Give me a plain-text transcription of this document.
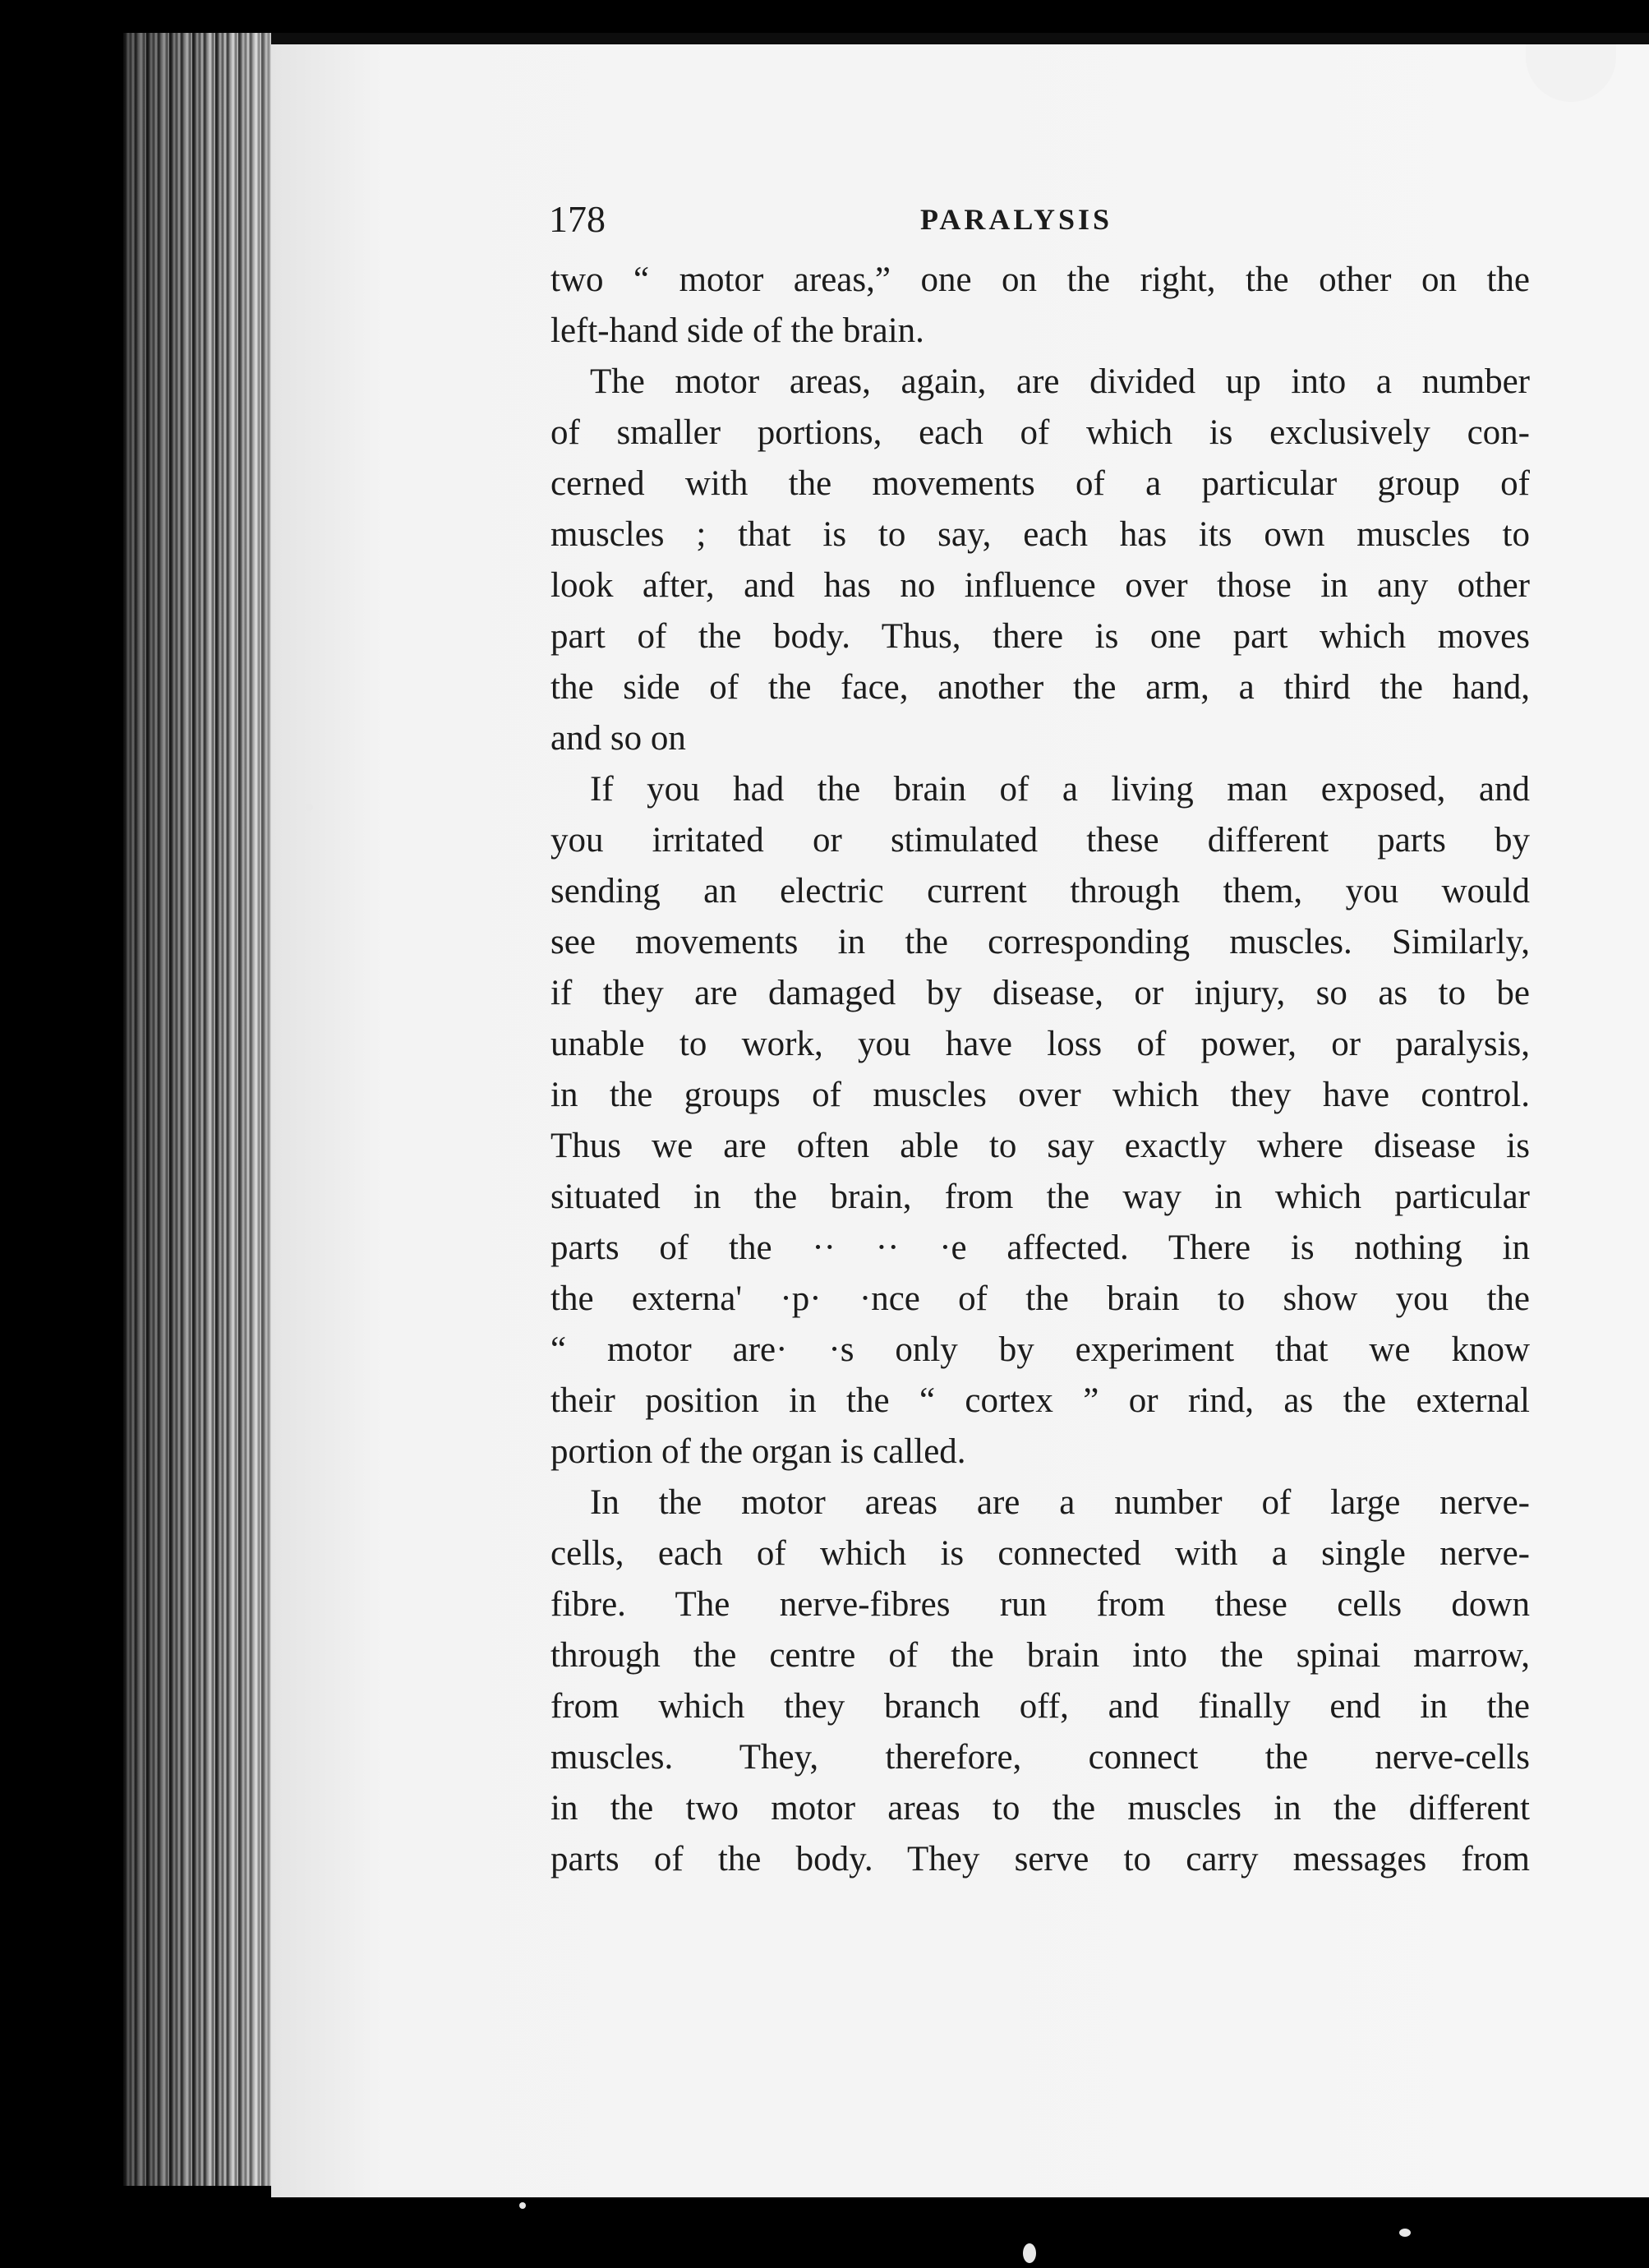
178	PARALYSIS
two “ motor areas,” one on the right, the other on the
left-hand side of the brain.
The motor areas, again, are divided up into a number
of smaller portions, each of which is exclusively con-
cerned with the movements of a particular group of
muscles ; that is to say, each has its own muscles to
look after, and has no influence over those in any other
part of the body. Thus, there is one part which moves
the side of the face, another the arm, a third the hand,
and so on
If you had the brain of a living man exposed, and
you irritated or stimulated these different parts by
sending an electric current through them, you would
see movements in the corresponding muscles. Similarly,
if they are damaged by disease, or injury, so as to be
unable to work, you have loss of power, or paralysis,
in the groups of muscles over which they have control.
Thus we are often able to say exactly where disease is
situated in the brain, from the way in which particular
parts of the ·· ·· ·e affected. There is nothing in
the externa' ·p· ·nce of the brain to show you the
“ motor are· ·s only by experiment that we know
their position in the “ cortex ” or rind, as the external
portion of the organ is called.
In the motor areas are a number of large nerve-
cells, each of which is connected with a single nerve-
fibre. The nerve-fibres run from these cells down
through the centre of the brain into the spinai marrow,
from which they branch off, and finally end in the
muscles. They, therefore, connect the nerve-cells
in the two motor areas to the muscles in the different
parts of the body. They serve to carry messages from
